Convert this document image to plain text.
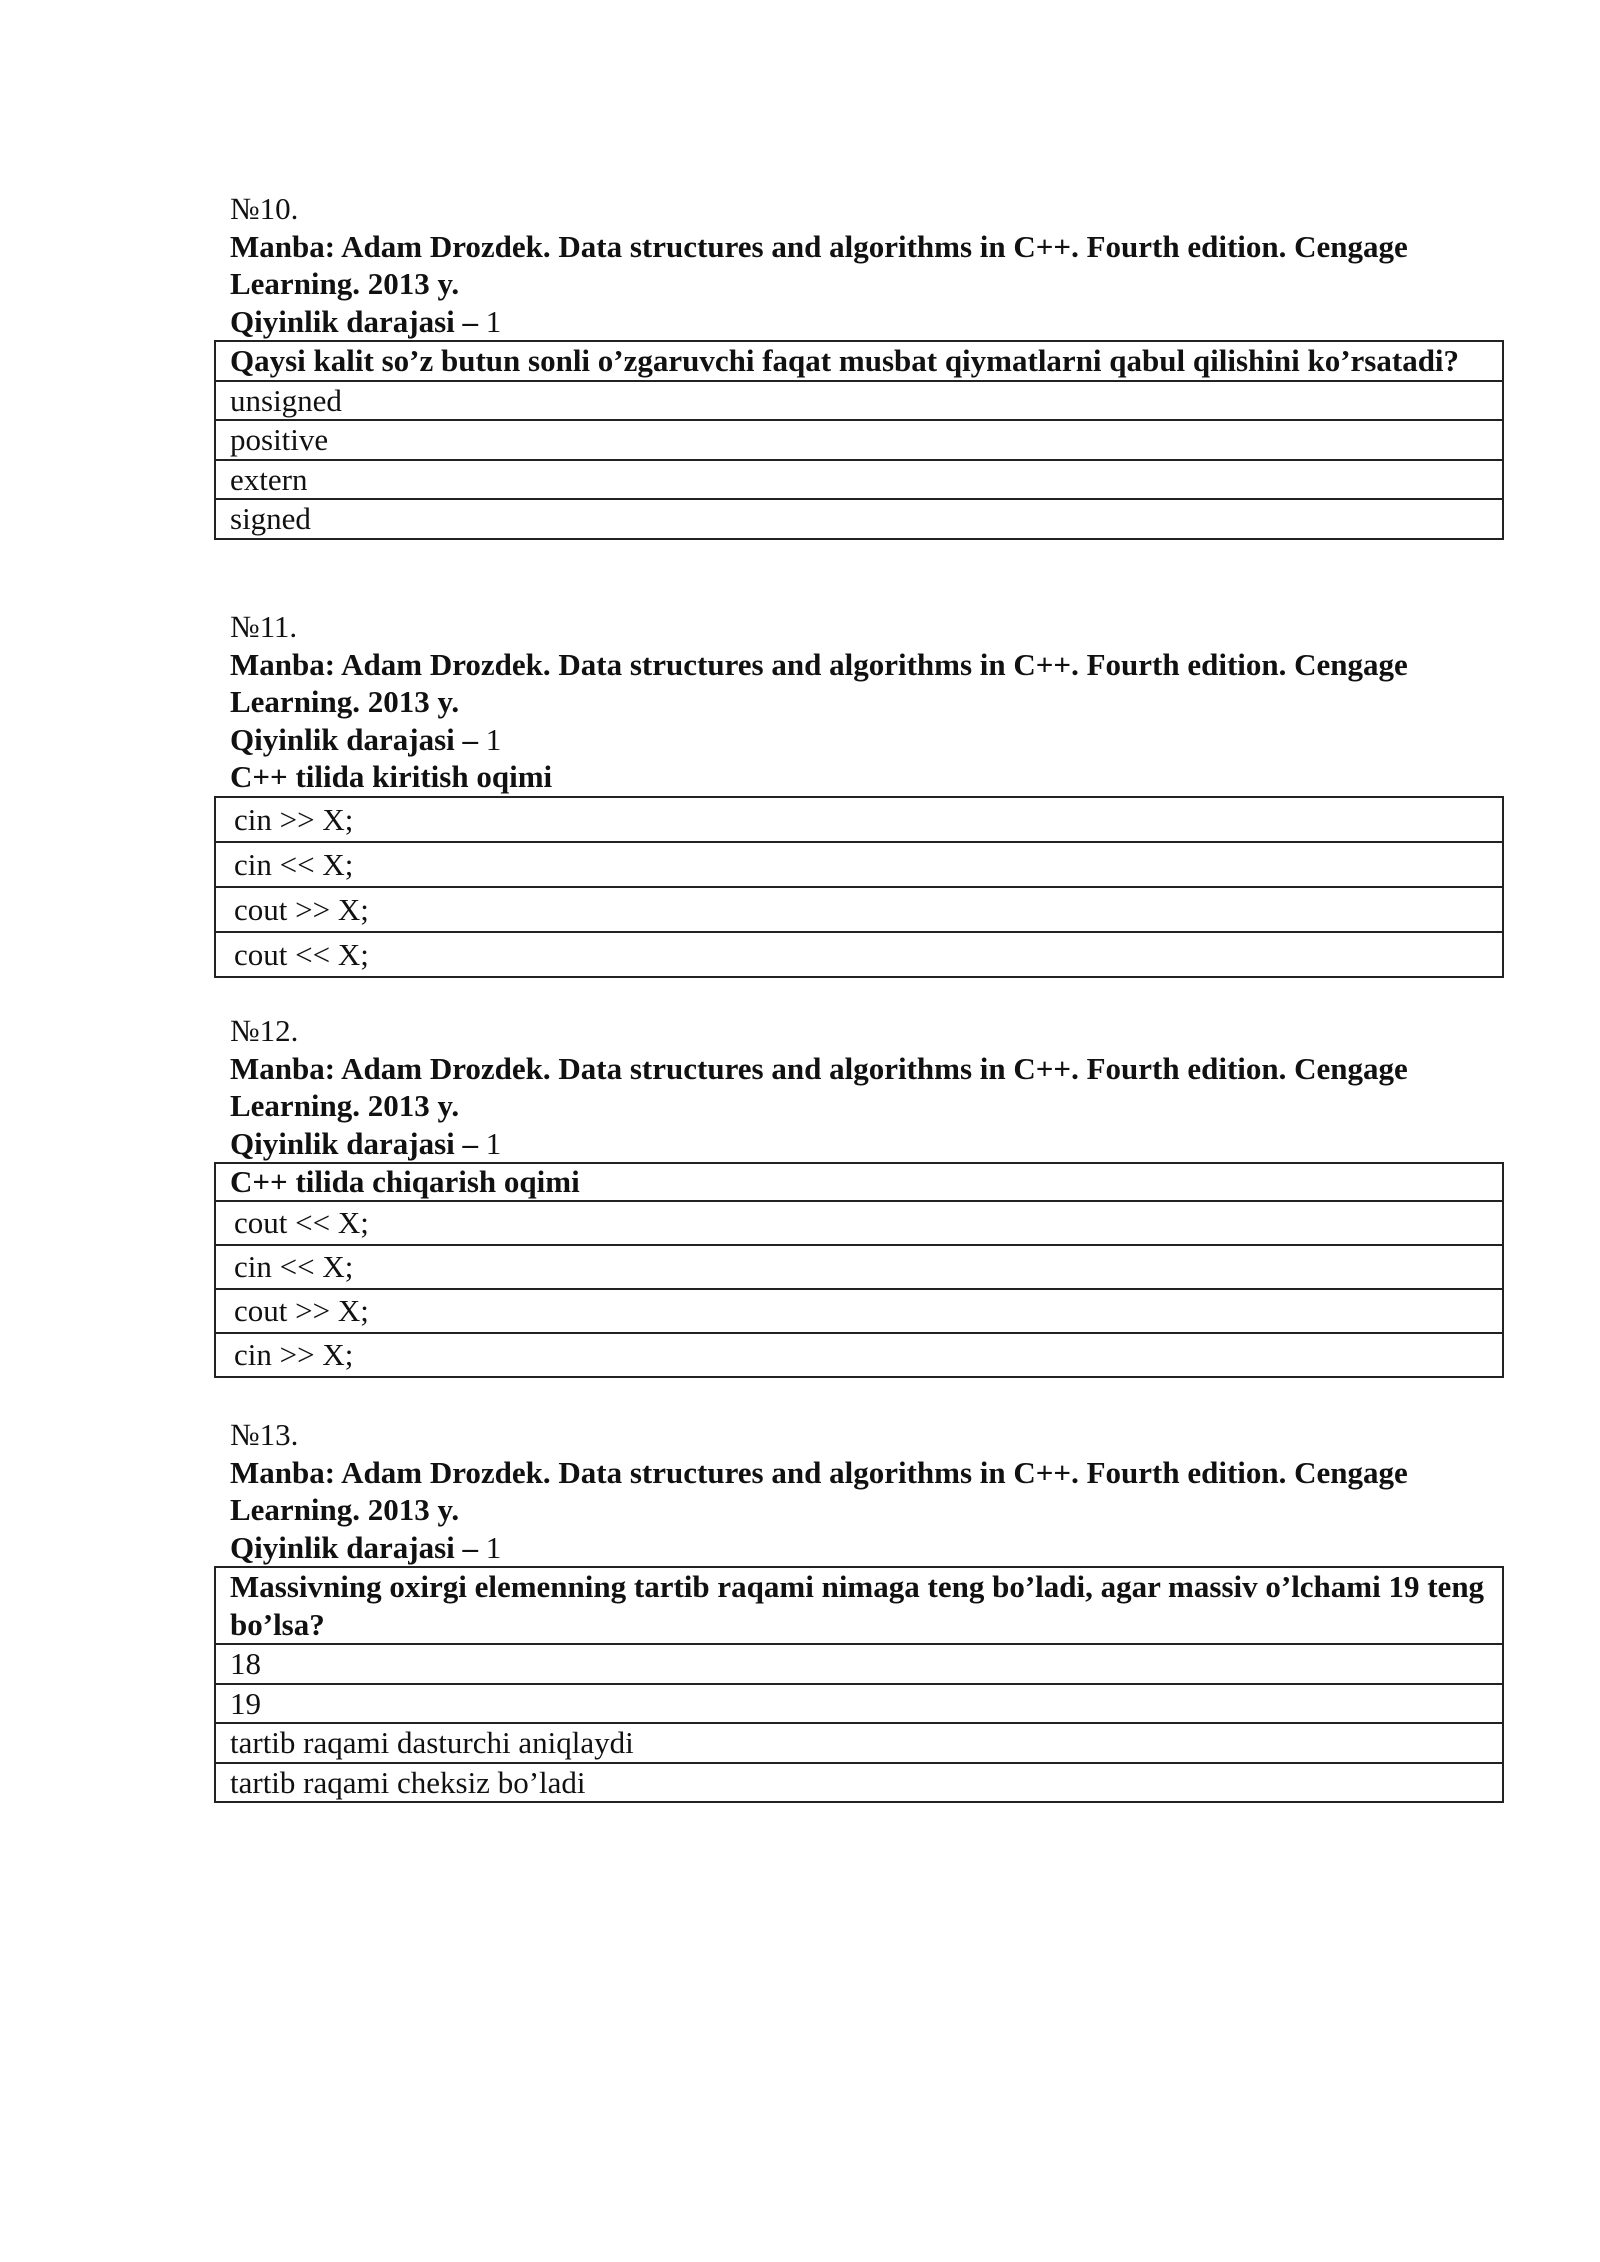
№10.
Manba: Adam Drozdek. Data structures and algorithms in C++. Fourth edition. Cengage Learning. 2013 y.
Qiyinlik darajasi – 1
Qaysi kalit so’z butun sonli o’zgaruvchi faqat musbat qiymatlarni qabul qilishini ko’rsatadi?
unsigned
positive
extern
signed
№11.
Manba: Adam Drozdek. Data structures and algorithms in C++. Fourth edition. Cengage Learning. 2013 y.
Qiyinlik darajasi – 1
C++ tilida kiritish oqimi
cin >> X;
cin << X;
cout >> X;
cout << X;
№12.
Manba: Adam Drozdek. Data structures and algorithms in C++. Fourth edition. Cengage Learning. 2013 y.
Qiyinlik darajasi – 1
C++ tilida chiqarish oqimi
cout << X;
cin << X;
cout >> X;
cin >> X;
№13.
Manba: Adam Drozdek. Data structures and algorithms in C++. Fourth edition. Cengage Learning. 2013 y.
Qiyinlik darajasi – 1
Massivning oxirgi elemenning tartib raqami nimaga teng bo’ladi, agar massiv o’lchami 19 teng bo’lsa?
18
19
tartib raqami dasturchi aniqlaydi
tartib raqami cheksiz bo’ladi
